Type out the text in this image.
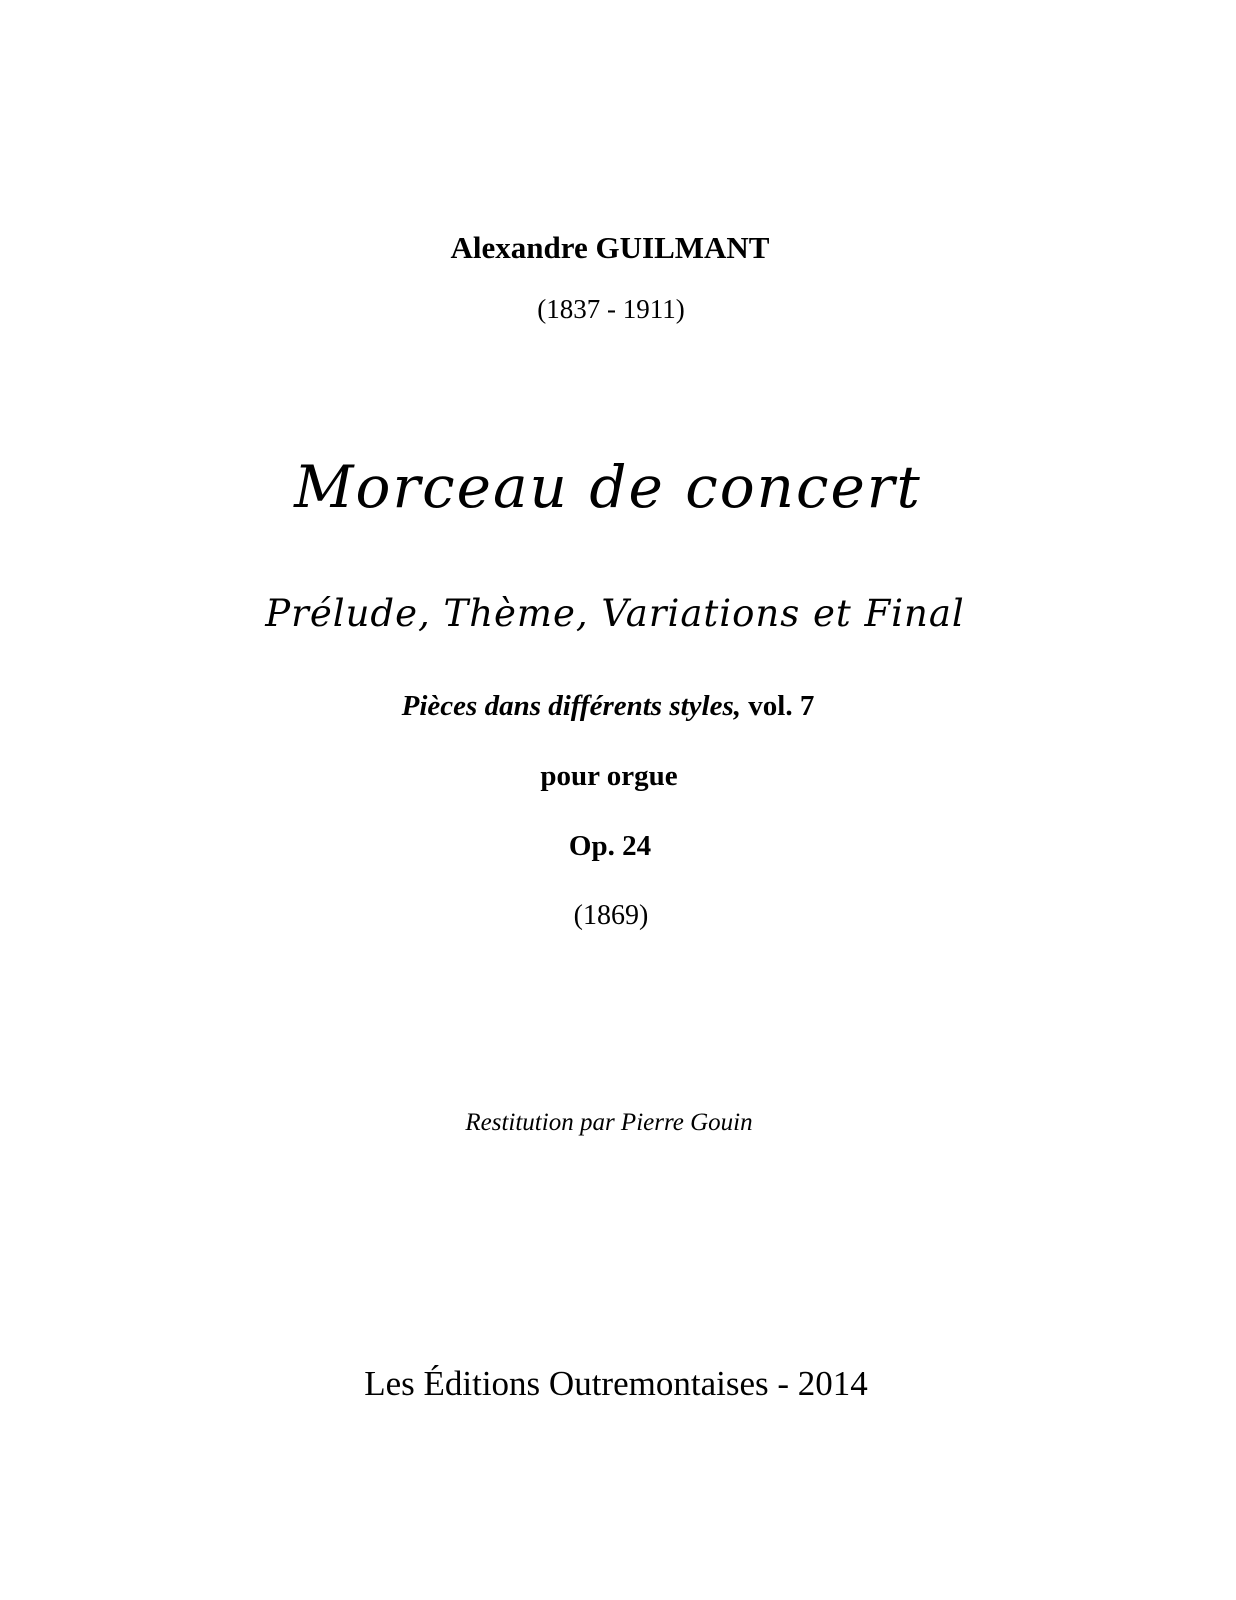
Alexandre GUILMANT
(1837 - 1911)
Morceau de concert
Prélude, Thème, Variations et Final
Pièces dans différents styles, vol. 7
pour orgue
Op. 24
(1869)
Restitution par Pierre Gouin
Les Éditions Outremontaises - 2014
